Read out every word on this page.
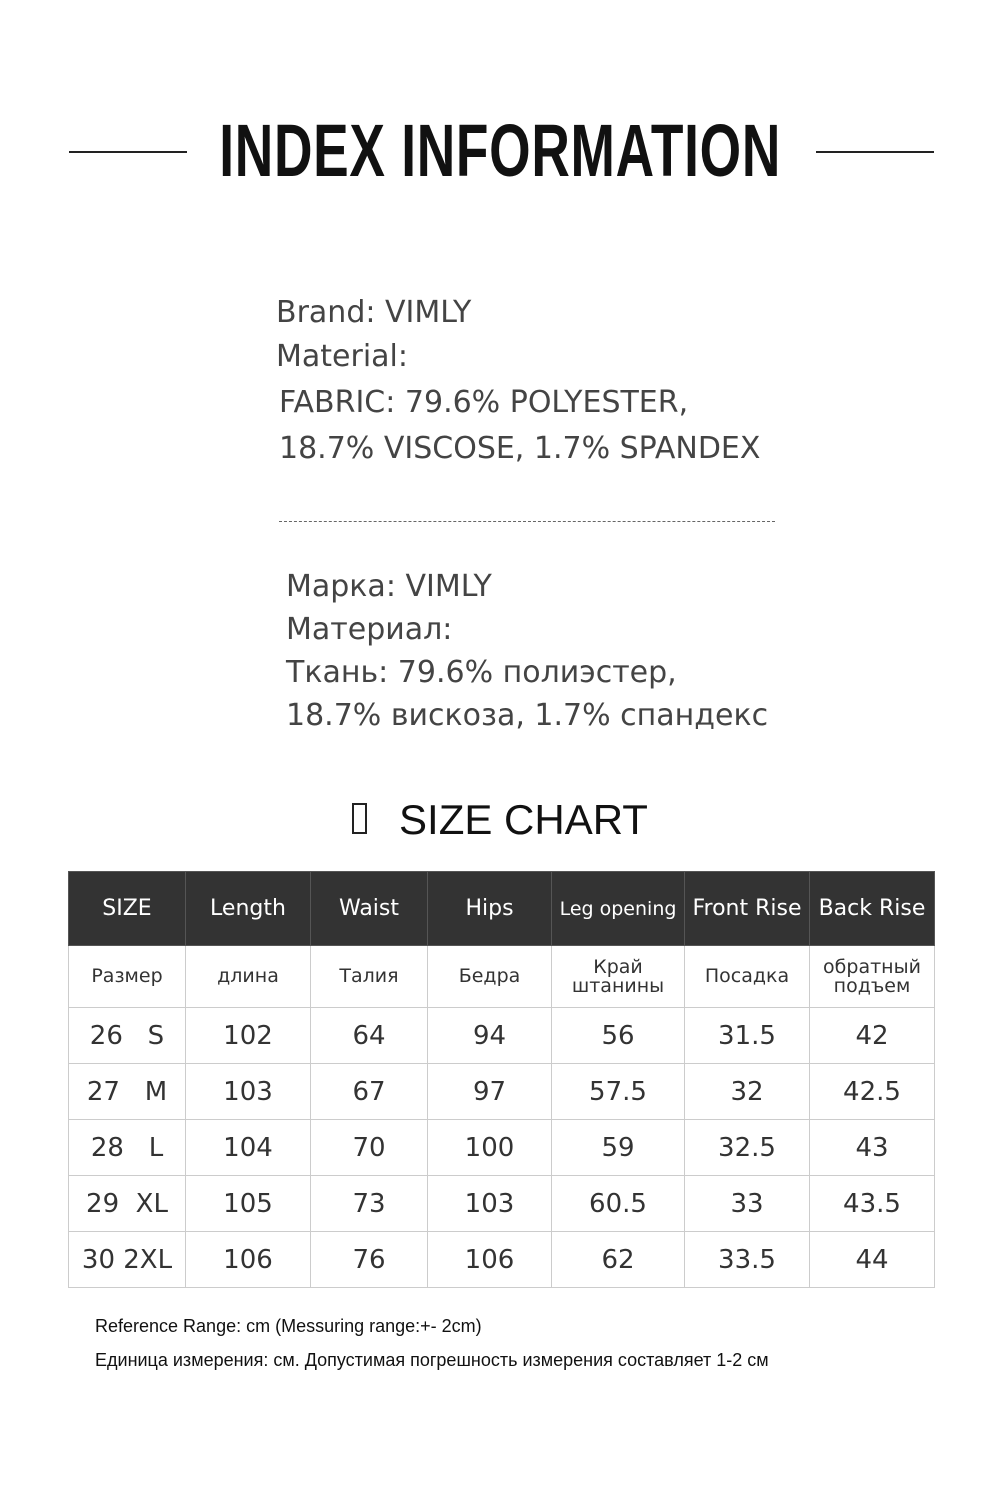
INDEX INFORMATION
Brand: VIMLY
Material:
FABRIC: 79.6% POLYESTER,
18.7% VISCOSE, 1.7% SPANDEX
Марка: VIMLY
Материал:
Ткань: 79.6% полиэстер,
18.7% вискоза, 1.7% спандекс
SIZE CHART
SIZE	Length	Waist	Hips	Leg opening	Front Rise	Back Rise
Размер	длина	Талия	Бедра	Край штанины	Посадка	обратный подъем
26   S	102	64	94	56	31.5	42
27   M	103	67	97	57.5	32	42.5
28   L	104	70	100	59	32.5	43
29  XL	105	73	103	60.5	33	43.5
30 2XL	106	76	106	62	33.5	44
Reference Range: cm (Messuring range:+- 2cm)
Единица измерения: см. Допустимая погрешность измерения составляет 1-2 см
